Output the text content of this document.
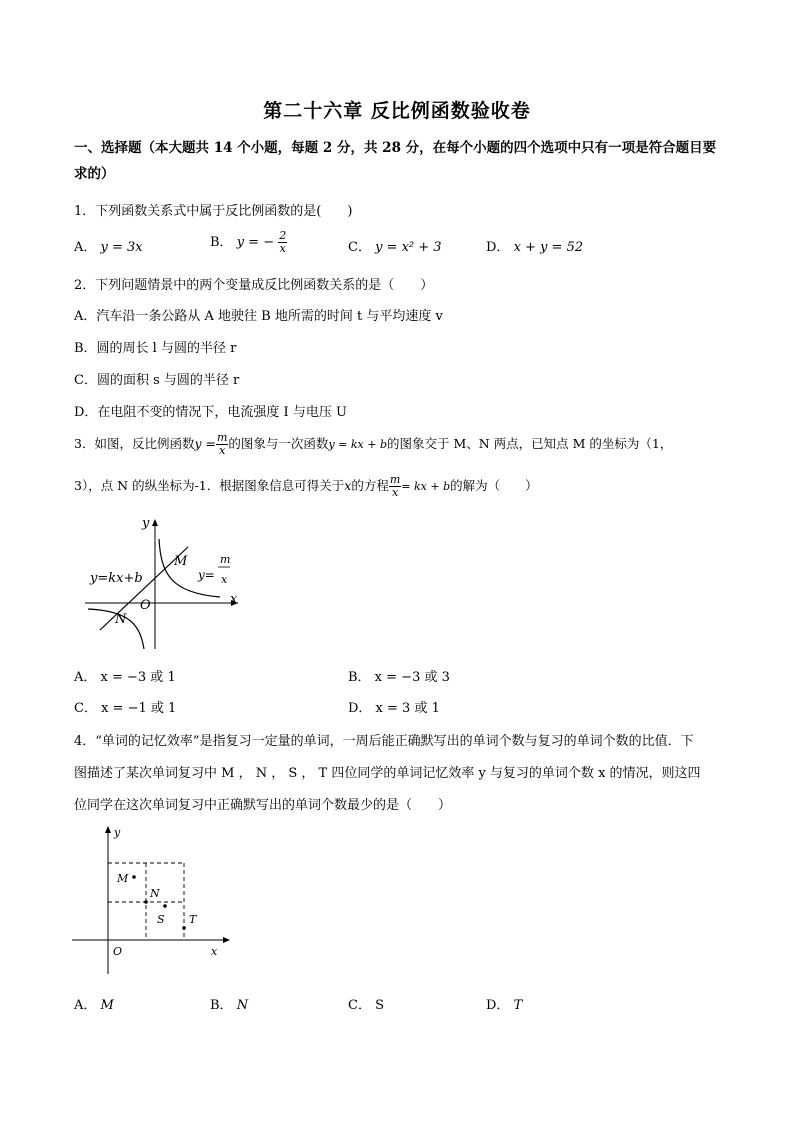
第二十六章 反比例函数验收卷
一、选择题（本大题共 14 个小题，每题 2 分，共 28 分，在每个小题的四个选项中只有一项是符合题目要
求的）
1．下列函数关系式中属于反比例函数的是(　　)
A． y = 3x	B． y = − $\frac{2}{x}$	C． y = x² + 3	D． x + y = 52
2．下列问题情景中的两个变量成反比例函数关系的是（　　）
A．汽车沿一条公路从 A 地驶往 B 地所需的时间 t 与平均速度 v
B．圆的周长 l 与圆的半径 r
C．圆的面积 s 与圆的半径 r
D．在电阻不变的情况下，电流强度 I 与电压 U
3．如图，反比例函数$y = \frac{m}{x}$ 的图象与一次函数y = kx + b的图象交于 M、N 两点，已知点 M 的坐标为（1，
3），点 N 的纵坐标为-1．根据图象信息可得关于x的方程 $\frac{m}{x}$ = kx + b的解为（　　）
y
x
O
M
N
y=kx+b	y=
m
x
A． x = −3 或 1	B． x = −3 或 3
C． x = −1 或 1	D． x = 3 或 1
4．“单词的记忆效率”是指复习一定量的单词，一周后能正确默写出的单词个数与复习的单词个数的比值．下
图描述了某次单词复习中 M ， N ， S ， T 四位同学的单词记忆效率 y 与复习的单词个数 x 的情况，则这四
位同学在这次单词复习中正确默写出的单词个数最少的是（　　）
y
x
O
M
N
S T
A． M	B． N	C． S	D． T
